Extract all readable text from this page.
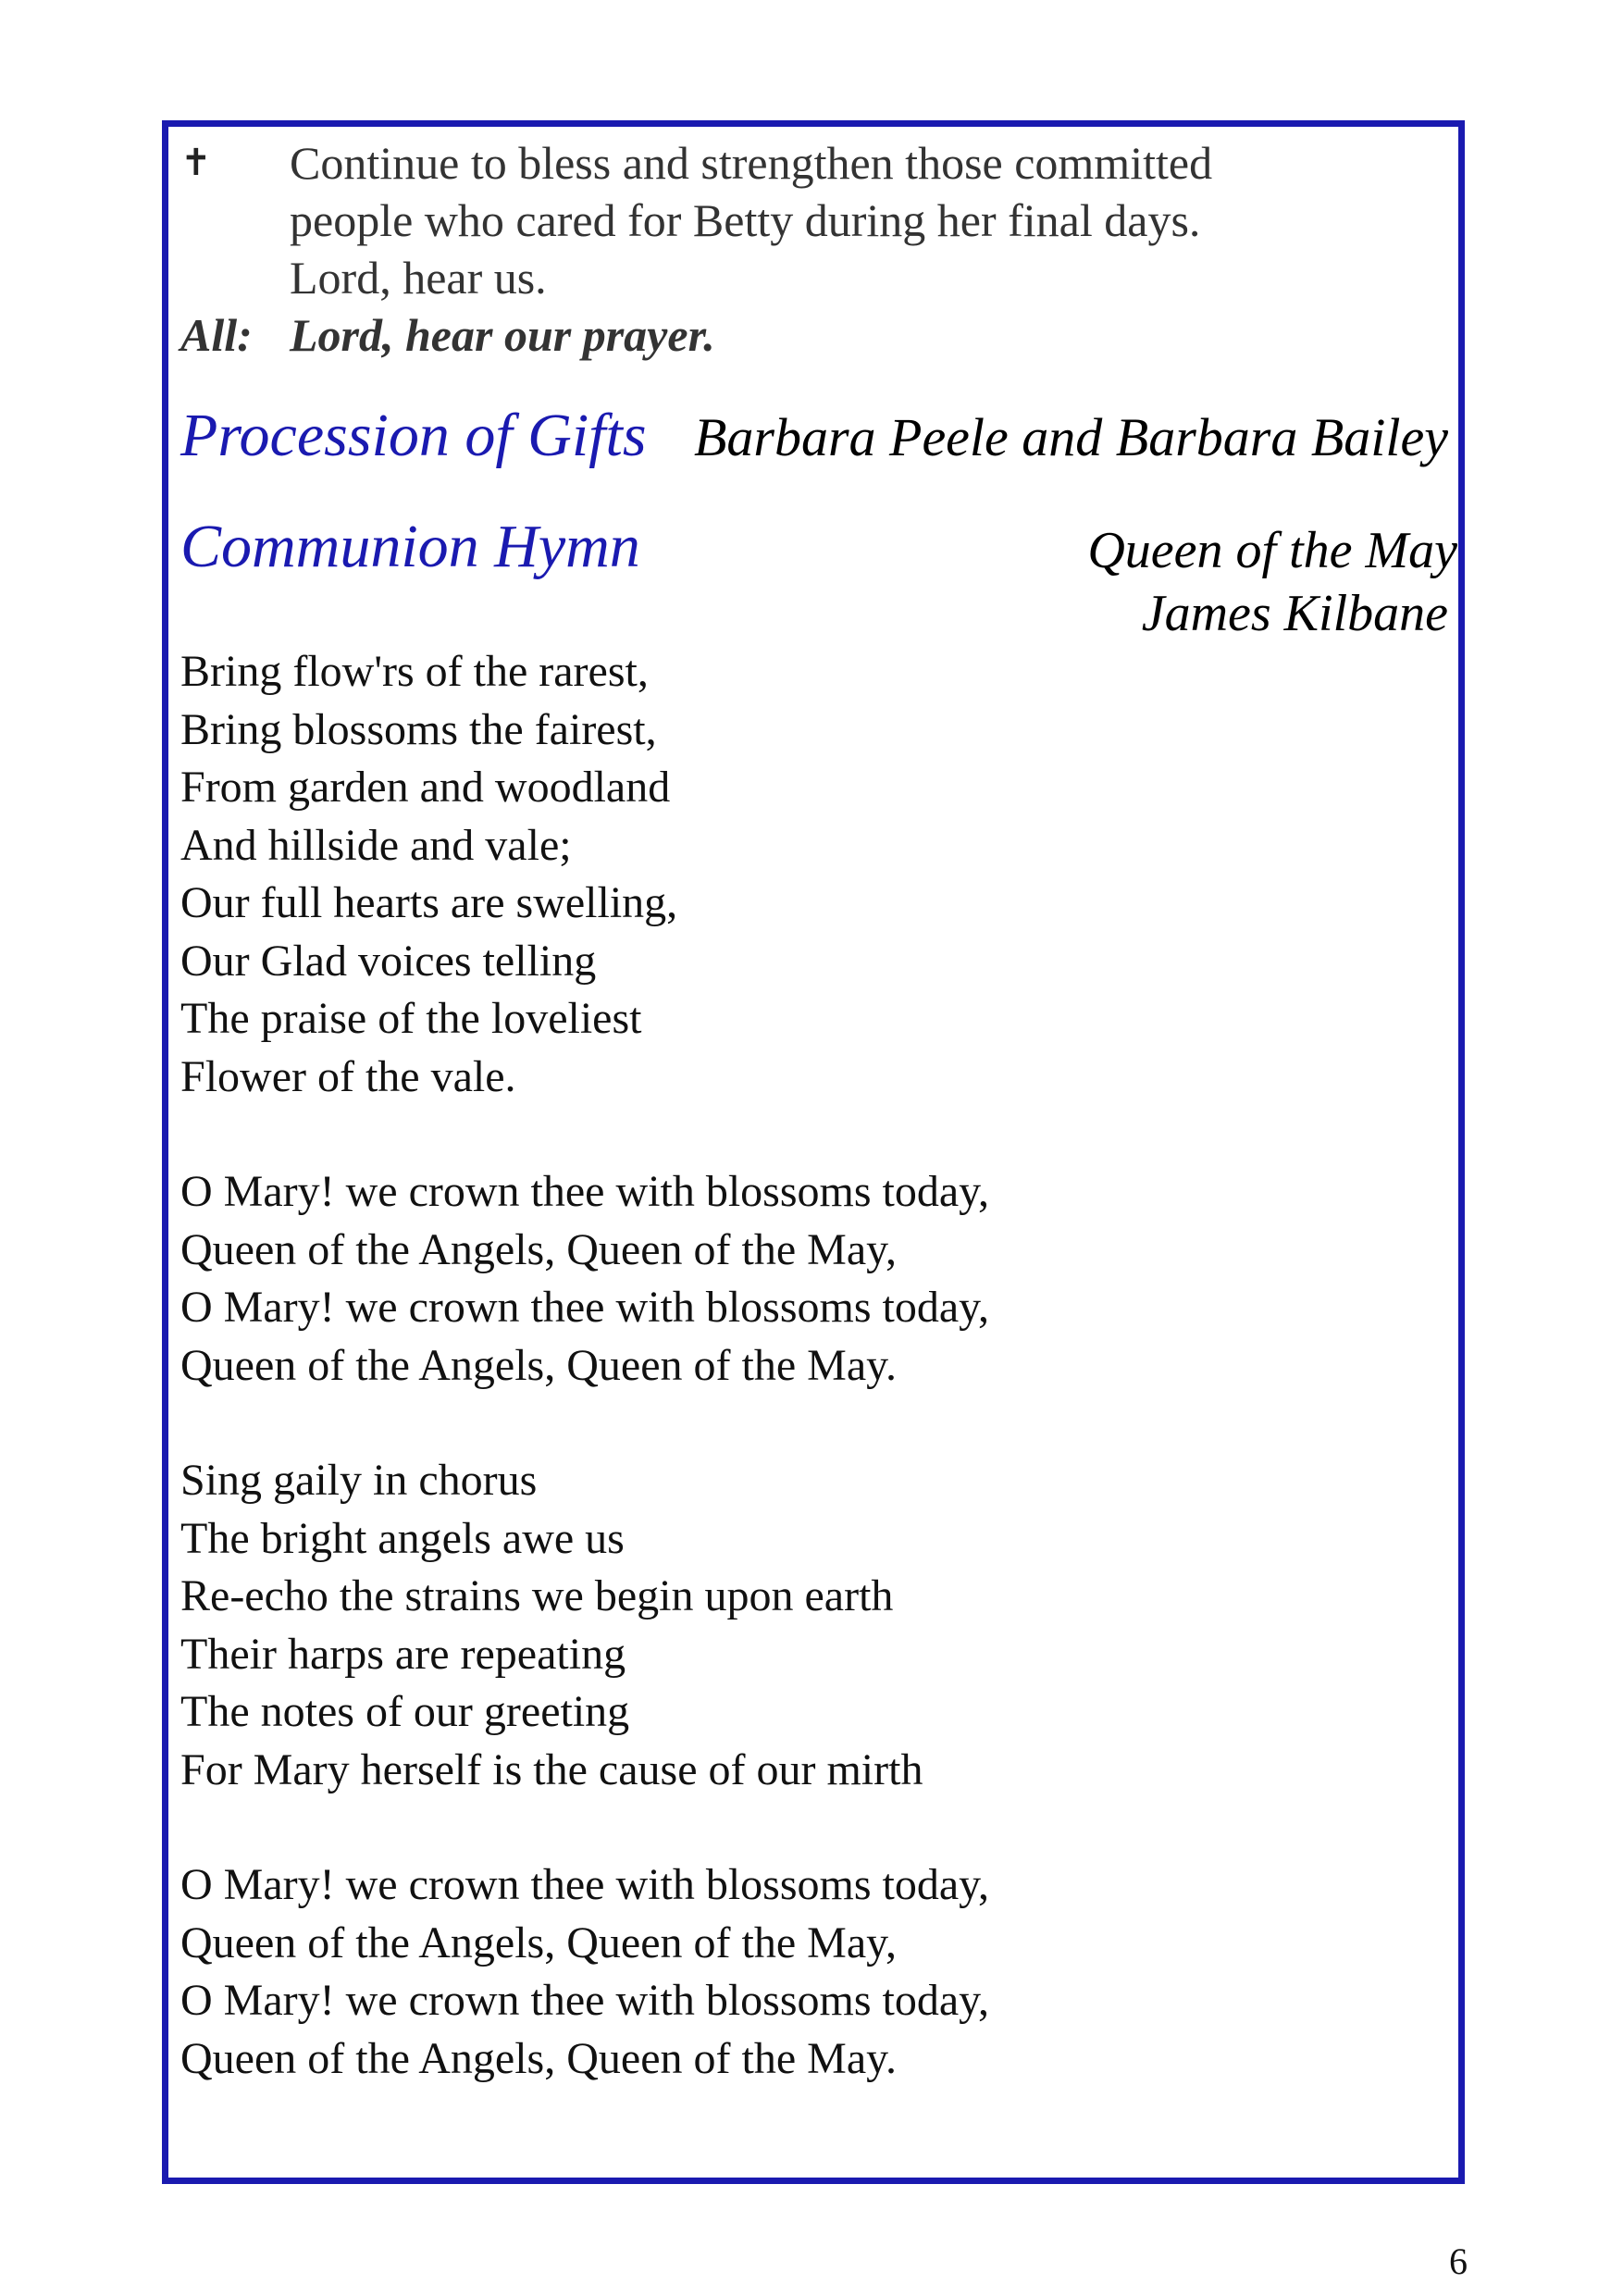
✝	Continue to bless and strengthen those committed
people who cared for Betty during her final days.
Lord, hear us.
All: Lord, hear our prayer.
Procession of Gifts Barbara Peele and Barbara Bailey
Communion Hymn	Queen of the May
James Kilbane
Bring flow'rs of the rarest,
Bring blossoms the fairest,
From garden and woodland
And hillside and vale;
Our full hearts are swelling,
Our Glad voices telling
The praise of the loveliest
Flower of the vale.
O Mary! we crown thee with blossoms today,
Queen of the Angels, Queen of the May,
O Mary! we crown thee with blossoms today,
Queen of the Angels, Queen of the May.
Sing gaily in chorus
The bright angels awe us
Re-echo the strains we begin upon earth
Their harps are repeating
The notes of our greeting
For Mary herself is the cause of our mirth
O Mary! we crown thee with blossoms today,
Queen of the Angels, Queen of the May,
O Mary! we crown thee with blossoms today,
Queen of the Angels, Queen of the May.
6
